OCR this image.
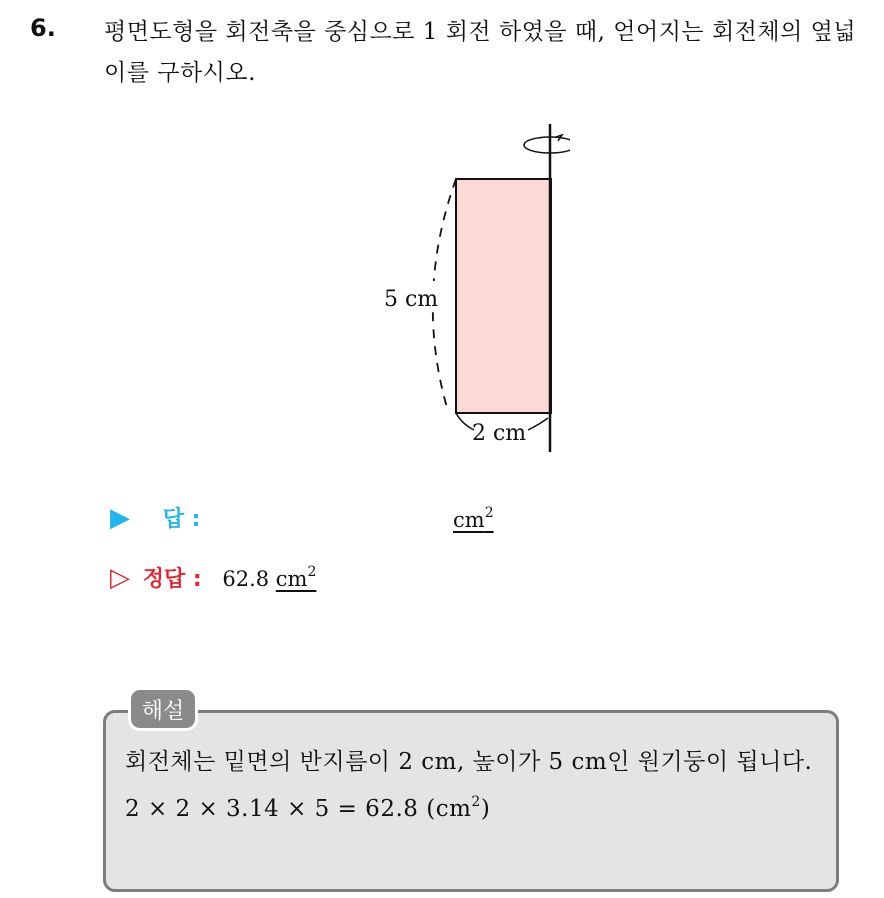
6. 평면도형을 회전축을 중심으로 1 회전 하였을 때, 얻어지는 회전체의 옆넓이를 구하시오.
5 cm
2 cm
▶ 답 :	$cm^2$
▷ 정답 : 62.8 $cm^2$
해설
회전체는 밑면의 반지름이 2 cm, 높이가 5 cm인 원기둥이 됩니다.
2 × 2 × 3.14 × 5 = 62.8 $(cm^2)$
